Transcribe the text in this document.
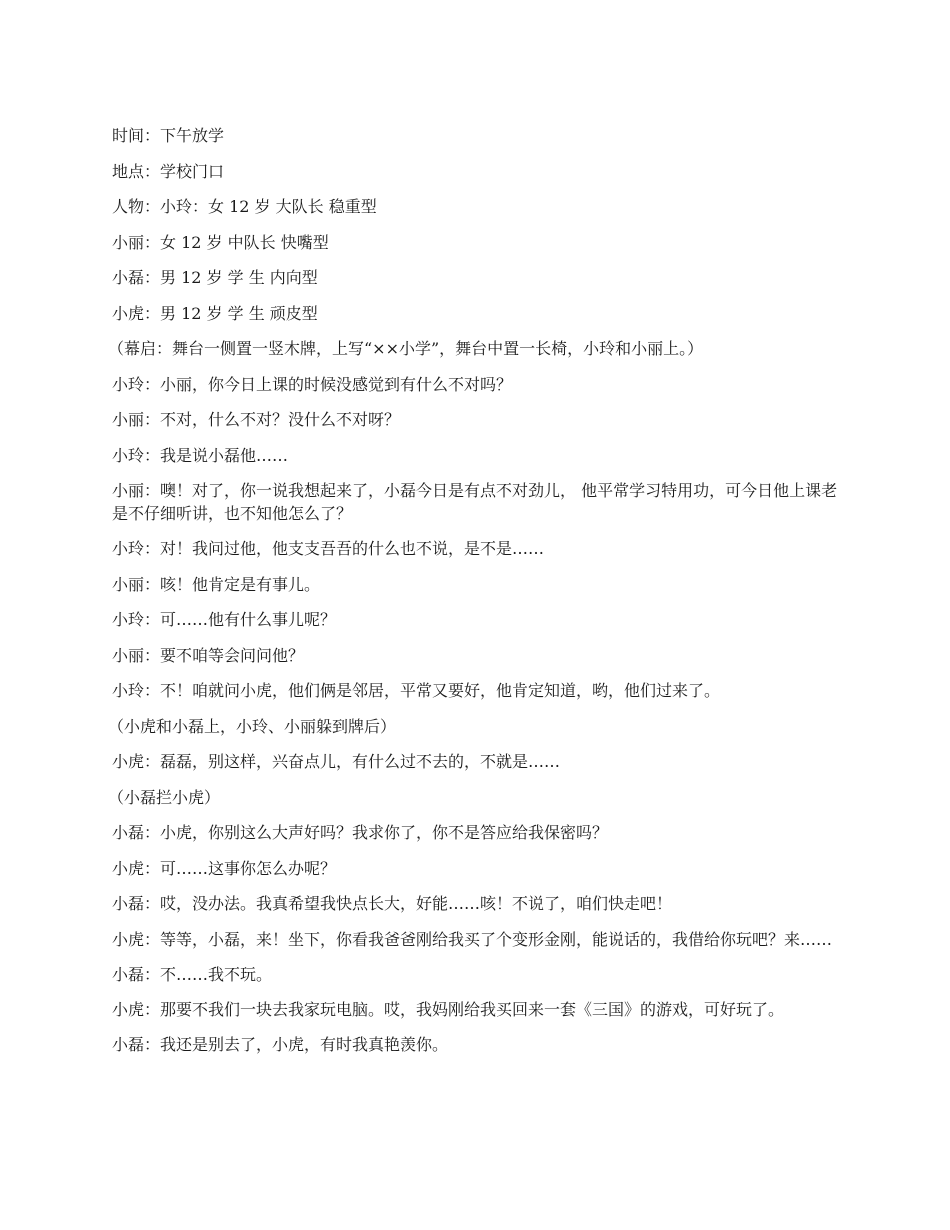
时间：下午放学

地点：学校门口

人物：小玲：女 12 岁 大队长 稳重型

小丽：女 12 岁 中队长 快嘴型

小磊：男 12 岁 学 生 内向型

小虎：男 12 岁 学 生 顽皮型

（幕启：舞台一侧置一竖木牌，上写“××小学”，舞台中置一长椅，小玲和小丽上。）

小玲：小丽，你今日上课的时候没感觉到有什么不对吗？

小丽：不对，什么不对？没什么不对呀？

小玲：我是说小磊他……

小丽：噢！对了，你一说我想起来了，小磊今日是有点不对劲儿， 他平常学习特用功，可今日他上课老是不仔细听讲，也不知他怎么了？

小玲：对！我问过他，他支支吾吾的什么也不说，是不是……

小丽：咳！他肯定是有事儿。

小玲：可……他有什么事儿呢？

小丽：要不咱等会问问他？

小玲：不！咱就问小虎，他们俩是邻居，平常又要好，他肯定知道，哟，他们过来了。

（小虎和小磊上，小玲、小丽躲到牌后）

小虎：磊磊，别这样，兴奋点儿，有什么过不去的，不就是……

（小磊拦小虎）

小磊：小虎，你别这么大声好吗？我求你了，你不是答应给我保密吗？

小虎：可……这事你怎么办呢？

小磊：哎，没办法。我真希望我快点长大，好能……咳！不说了，咱们快走吧！

小虎：等等，小磊，来！坐下，你看我爸爸刚给我买了个变形金刚，能说话的，我借给你玩吧？来……

小磊：不……我不玩。

小虎：那要不我们一块去我家玩电脑。哎，我妈刚给我买回来一套《三国》的游戏，可好玩了。

小磊：我还是别去了，小虎，有时我真艳羡你。
